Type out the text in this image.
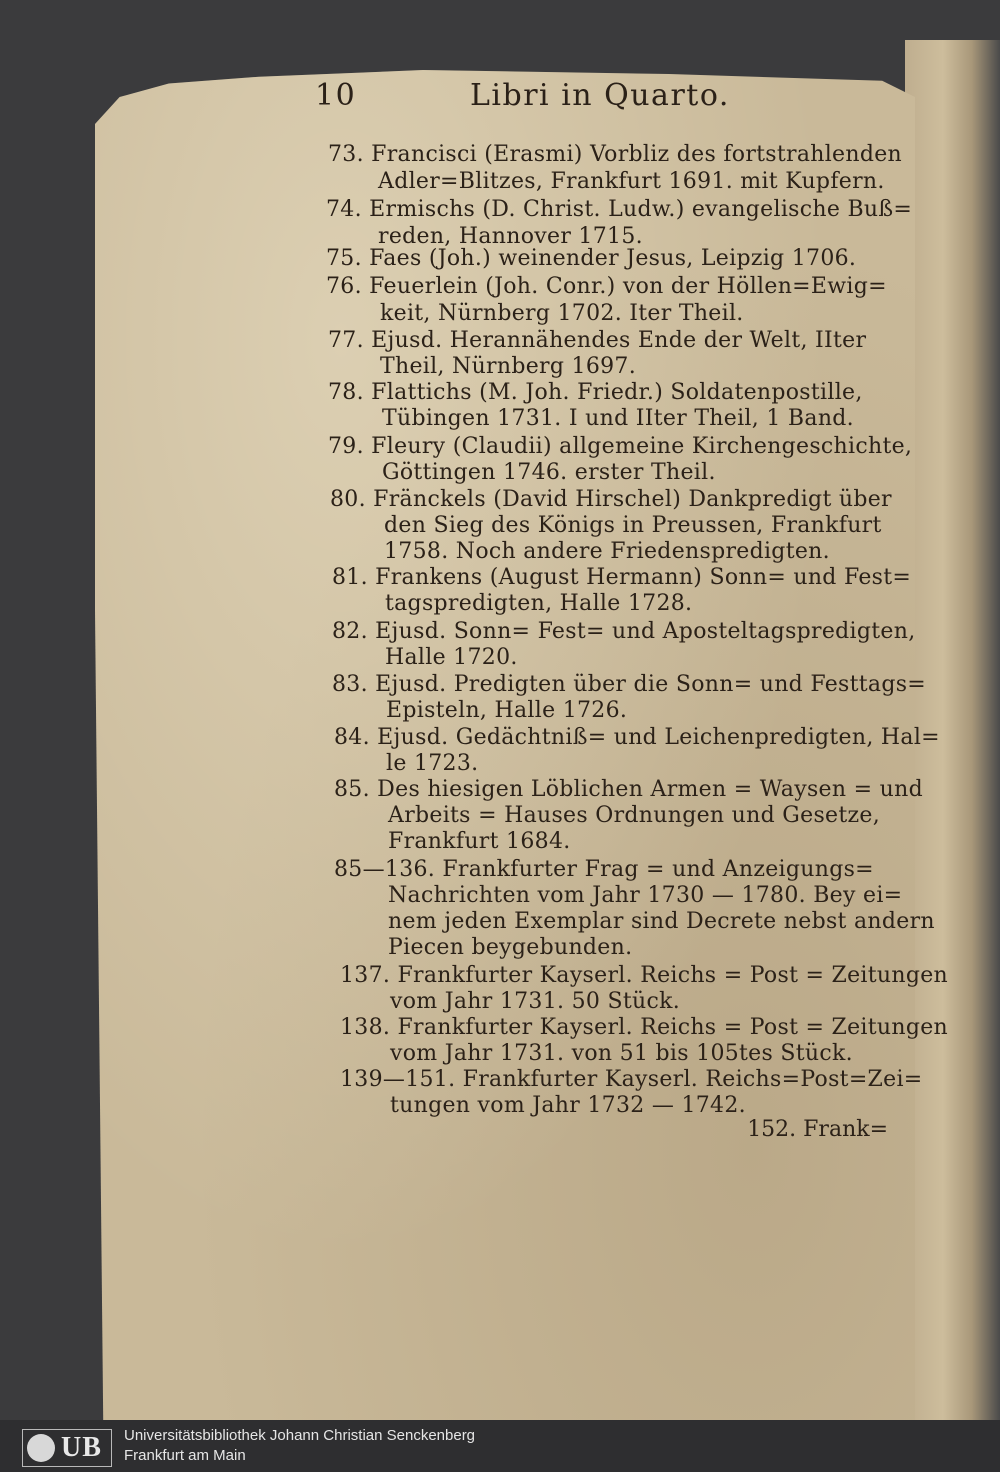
10	Libri in Quarto.
73. Francisci (Erasmi) Vorbliz des fortstrahlenden
Adler=Blitzes, Frankfurt 1691. mit Kupfern.
74. Ermischs (D. Christ. Ludw.) evangelische Buß=
reden, Hannover 1715.
75. Faes (Joh.) weinender Jesus, Leipzig 1706.
76. Feuerlein (Joh. Conr.) von der Höllen=Ewig=
keit, Nürnberg 1702. Iter Theil.
77. Ejusd. Herannähendes Ende der Welt, IIter
Theil, Nürnberg 1697.
78. Flattichs (M. Joh. Friedr.) Soldatenpostille,
Tübingen 1731. I und IIter Theil, 1 Band.
79. Fleury (Claudii) allgemeine Kirchengeschichte,
Göttingen 1746. erster Theil.
80. Fränckels (David Hirschel) Dankpredigt über
den Sieg des Königs in Preussen, Frankfurt
1758. Noch andere Friedenspredigten.
81. Frankens (August Hermann) Sonn= und Fest=
tagspredigten, Halle 1728.
82. Ejusd. Sonn= Fest= und Aposteltagspredigten,
Halle 1720.
83. Ejusd. Predigten über die Sonn= und Festtags=
Episteln, Halle 1726.
84. Ejusd. Gedächtniß= und Leichenpredigten, Hal=
le 1723.
85. Des hiesigen Löblichen Armen = Waysen = und
Arbeits = Hauses Ordnungen und Gesetze,
Frankfurt 1684.
85—136. Frankfurter Frag = und Anzeigungs=
Nachrichten vom Jahr 1730 — 1780. Bey ei=
nem jeden Exemplar sind Decrete nebst andern
Piecen beygebunden.
137. Frankfurter Kayserl. Reichs = Post = Zeitungen
vom Jahr 1731. 50 Stück.
138. Frankfurter Kayserl. Reichs = Post = Zeitungen
vom Jahr 1731. von 51 bis 105tes Stück.
139—151. Frankfurter Kayserl. Reichs=Post=Zei=
tungen vom Jahr 1732 — 1742.
152. Frank=
UB Universitätsbibliothek Johann Christian Senckenberg
Frankfurt am Main
